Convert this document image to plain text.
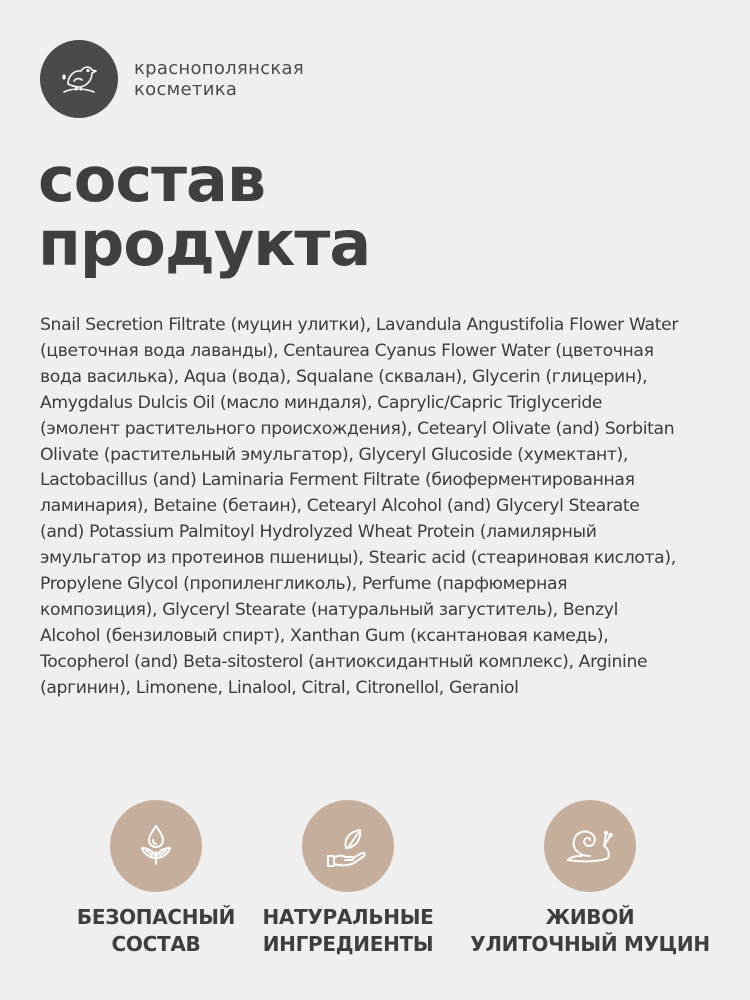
краснополянская
косметика
состав
продукта

Snail Secretion Filtrate (муцин улитки), Lavandula Angustifolia Flower Water (цветочная вода лаванды), Centaurea Cyanus Flower Water (цветочная вода василька), Aqua (вода), Squalane (сквалан), Glycerin (глицерин), Amygdalus Dulcis Oil (масло миндаля), Caprylic/Capric Triglyceride (эмолент растительного происхождения), Cetearyl Olivate (and) Sorbitan Olivate (растительный эмульгатор), Glyceryl Glucoside (хумектант), Lactobacillus (and) Laminaria Ferment Filtrate (биоферментированная ламинария), Betaine (бетаин), Cetearyl Alcohol (and) Glyceryl Stearate (and) Potassium Palmitoyl Hydrolyzed Wheat Protein (ламилярный эмульгатор из протеинов пшеницы), Stearic acid (стеариновая кислота), Propylene Glycol (пропиленгликоль), Perfume (парфюмерная композиция), Glyceryl Stearate (натуральный загуститель), Benzyl Alcohol (бензиловый спирт), Xanthan Gum (ксантановая камедь), Tocopherol (and) Beta-sitosterol (антиоксидантный комплекс), Arginine (аргинин), Limonene, Linalool, Citral, Citronellol, Geraniol

БЕЗОПАСНЫЙ
СОСТАВ
НАТУРАЛЬНЫЕ
ИНГРЕДИЕНТЫ
ЖИВОЙ
УЛИТОЧНЫЙ МУЦИН
